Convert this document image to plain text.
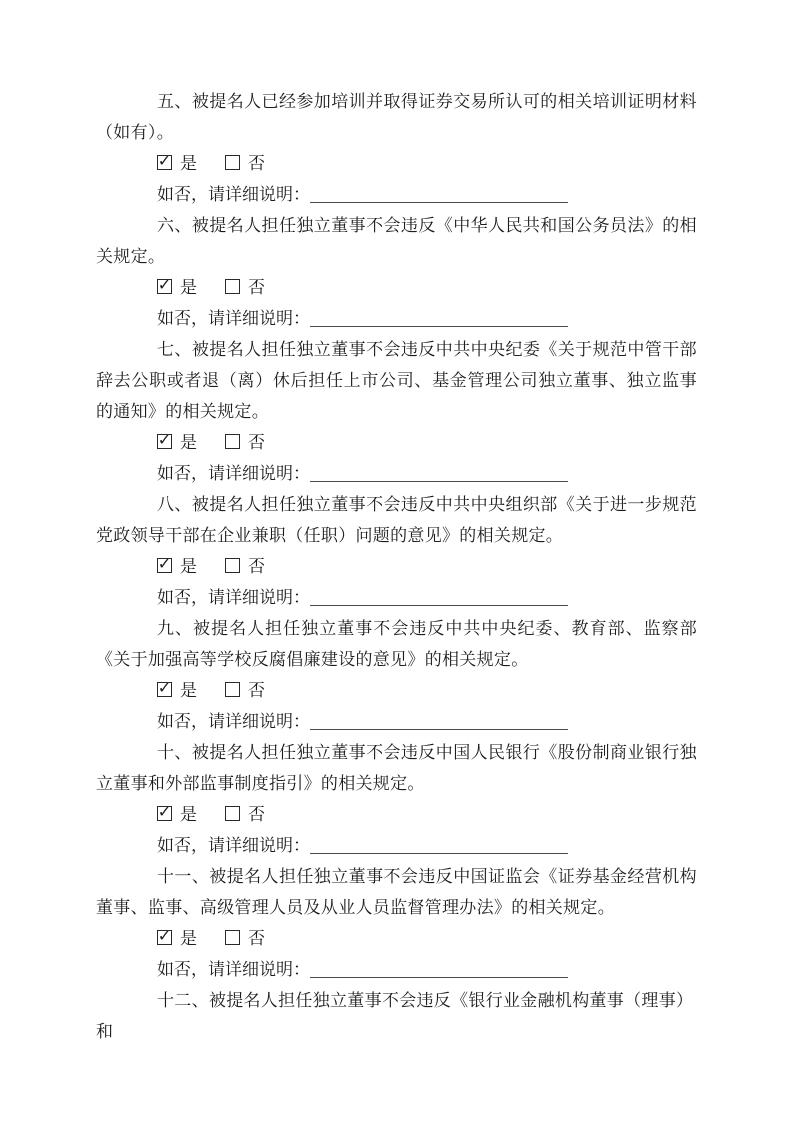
五、被提名人已经参加培训并取得证券交易所认可的相关培训证明材料（如有）。

✓ 是	否
如否，请详细说明：

六、被提名人担任独立董事不会违反《中华人民共和国公务员法》的相关规定。

✓ 是	否
如否，请详细说明：

七、被提名人担任独立董事不会违反中共中央纪委《关于规范中管干部辞去公职或者退（离）休后担任上市公司、基金管理公司独立董事、独立监事的通知》的相关规定。

✓ 是	否
如否，请详细说明：

八、被提名人担任独立董事不会违反中共中央组织部《关于进一步规范党政领导干部在企业兼职（任职）问题的意见》的相关规定。

✓ 是	否
如否，请详细说明：

九、被提名人担任独立董事不会违反中共中央纪委、教育部、监察部《关于加强高等学校反腐倡廉建设的意见》的相关规定。

✓ 是	否
如否，请详细说明：

十、被提名人担任独立董事不会违反中国人民银行《股份制商业银行独立董事和外部监事制度指引》的相关规定。

✓ 是	否
如否，请详细说明：

十一、被提名人担任独立董事不会违反中国证监会《证券基金经营机构董事、监事、高级管理人员及从业人员监督管理办法》的相关规定。

✓ 是	否
如否，请详细说明：

十二、被提名人担任独立董事不会违反《银行业金融机构董事（理事）和
